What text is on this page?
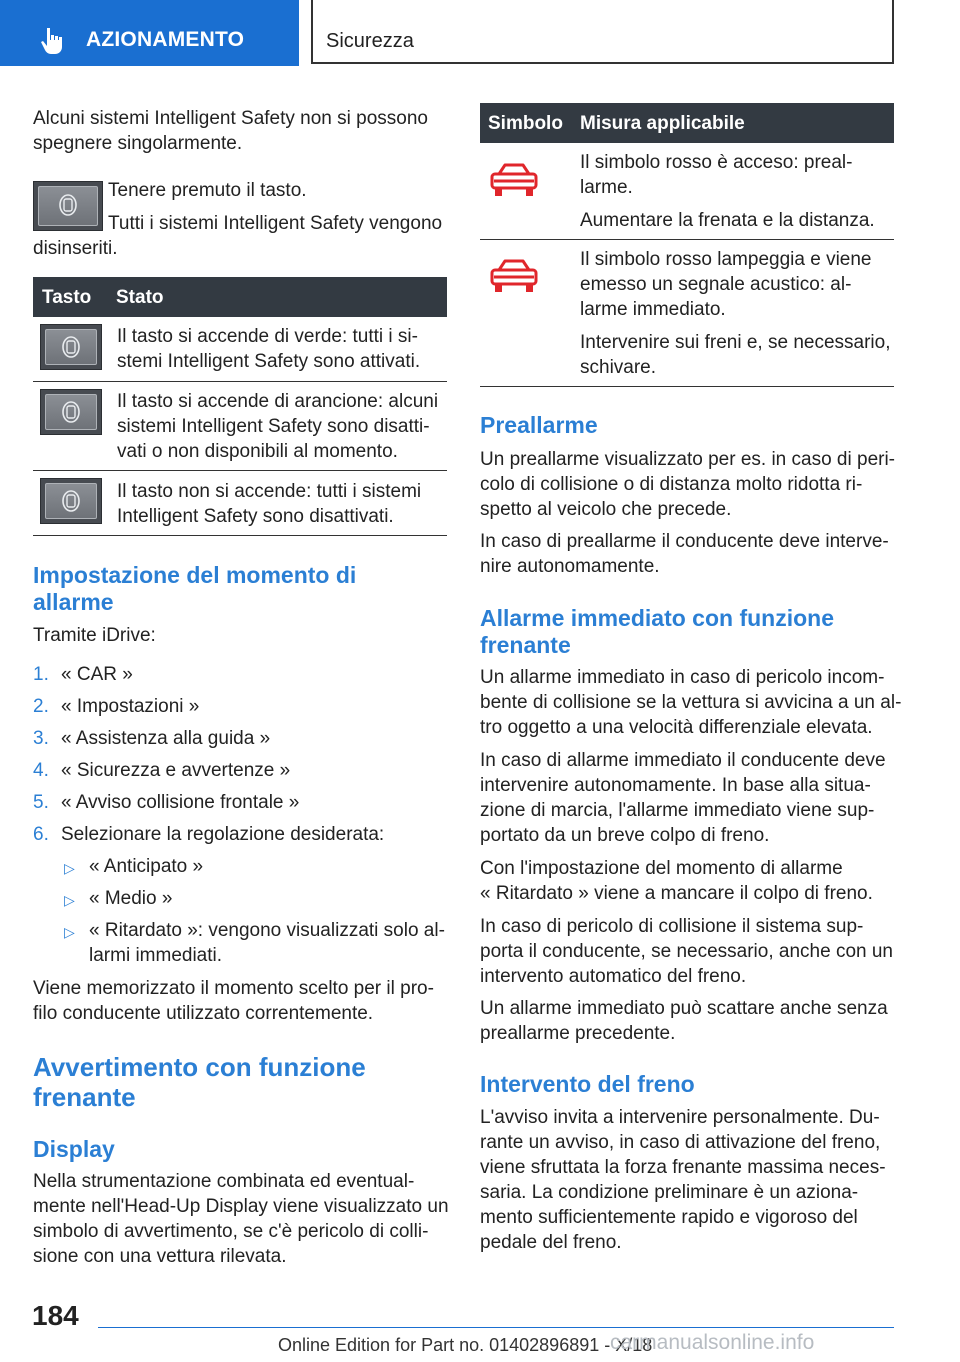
AZIONAMENTO	Sicurezza
Alcuni sistemi Intelligent Safety non si possono
spegnere singolarmente.
Tenere premuto il tasto.
Tutti i sistemi Intelligent Safety vengono
disinseriti.
Tasto Stato
Il tasto si accende di verde: tutti i si-
stemi Intelligent Safety sono attivati.
Il tasto si accende di arancione: alcuni
sistemi Intelligent Safety sono disatti-
vati o non disponibili al momento.
Il tasto non si accende: tutti i sistemi
Intelligent Safety sono disattivati.
Impostazione del momento di
allarme
Tramite iDrive:
1. « CAR »
2. « Impostazioni »
3. « Assistenza alla guida »
4. « Sicurezza e avvertenze »
5. « Avviso collisione frontale »
6. Selezionare la regolazione desiderata:
▷ « Anticipato »
▷ « Medio »
▷ « Ritardato »: vengono visualizzati solo al-
larmi immediati.
Viene memorizzato il momento scelto per il pro-
filo conducente utilizzato correntemente.
Avvertimento con funzione
frenante
Display
Nella strumentazione combinata ed eventual-
mente nell'Head-Up Display viene visualizzato un
simbolo di avvertimento, se c'è pericolo di colli-
sione con una vettura rilevata.
Simbolo Misura applicabile
Il simbolo rosso è acceso: preal-
larme.
Aumentare la frenata e la distanza.
Il simbolo rosso lampeggia e viene
emesso un segnale acustico: al-
larme immediato.
Intervenire sui freni e, se necessario,
schivare.
Preallarme
Un preallarme visualizzato per es. in caso di peri-
colo di collisione o di distanza molto ridotta ri-
spetto al veicolo che precede.
In caso di preallarme il conducente deve interve-
nire autonomamente.
Allarme immediato con funzione
frenante
Un allarme immediato in caso di pericolo incom-
bente di collisione se la vettura si avvicina a un al-
tro oggetto a una velocità differenziale elevata.
In caso di allarme immediato il conducente deve
intervenire autonomamente. In base alla situa-
zione di marcia, l'allarme immediato viene sup-
portato da un breve colpo di freno.
Con l'impostazione del momento di allarme
« Ritardato » viene a mancare il colpo di freno.
In caso di pericolo di collisione il sistema sup-
porta il conducente, se necessario, anche con un
intervento automatico del freno.
Un allarme immediato può scattare anche senza
preallarme precedente.
Intervento del freno
L'avviso invita a intervenire personalmente. Du-
rante un avviso, in caso di attivazione del freno,
viene sfruttata la forza frenante massima neces-
saria. La condizione preliminare è un aziona-
mento sufficientemente rapido e vigoroso del
pedale del freno.
184
Online Edition for Part no. 01402896891 - X/18
carmanualsonline.info
